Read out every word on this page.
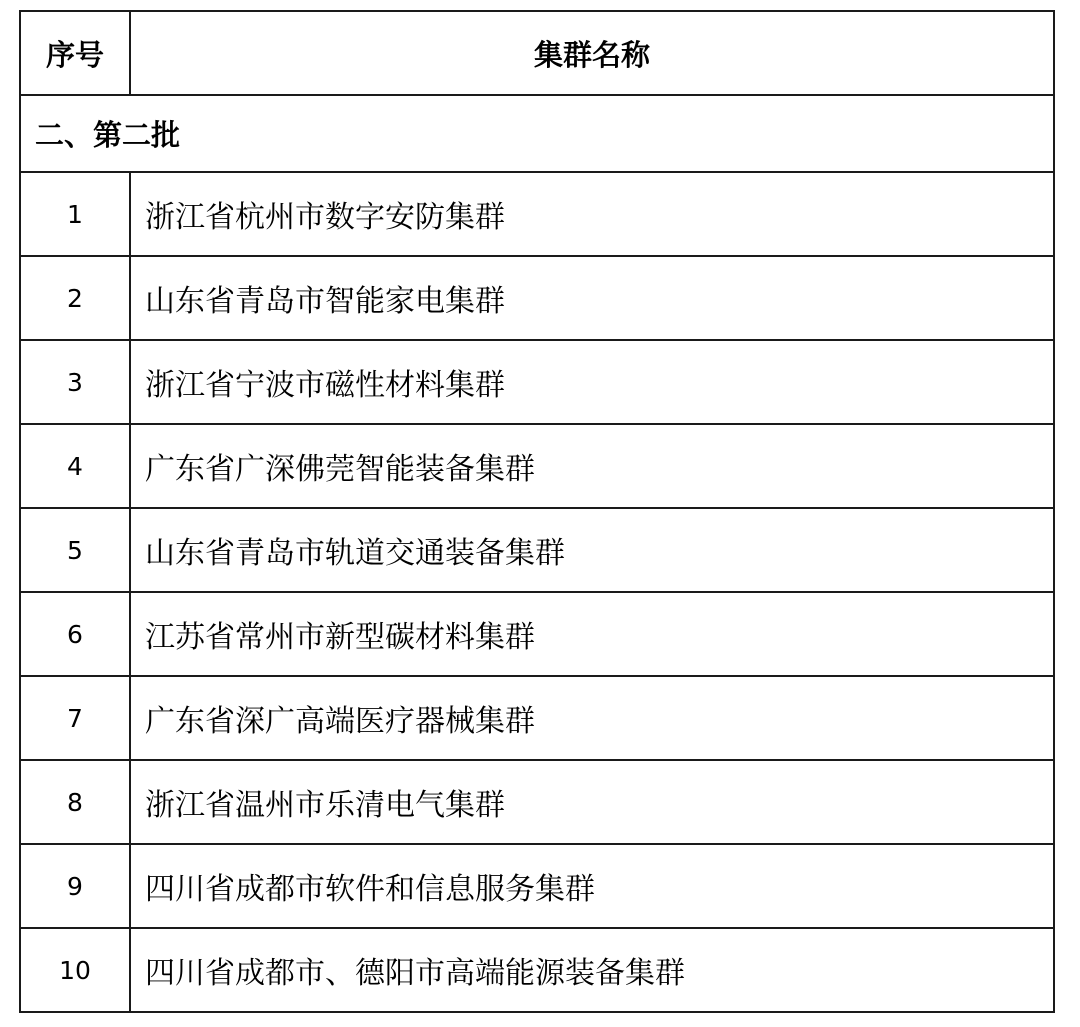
序号	集群名称
二、第二批
1	浙江省杭州市数字安防集群
2	山东省青岛市智能家电集群
3	浙江省宁波市磁性材料集群
4	广东省广深佛莞智能装备集群
5	山东省青岛市轨道交通装备集群
6	江苏省常州市新型碳材料集群
7	广东省深广高端医疗器械集群
8	浙江省温州市乐清电气集群
9	四川省成都市软件和信息服务集群
10	四川省成都市、德阳市高端能源装备集群
